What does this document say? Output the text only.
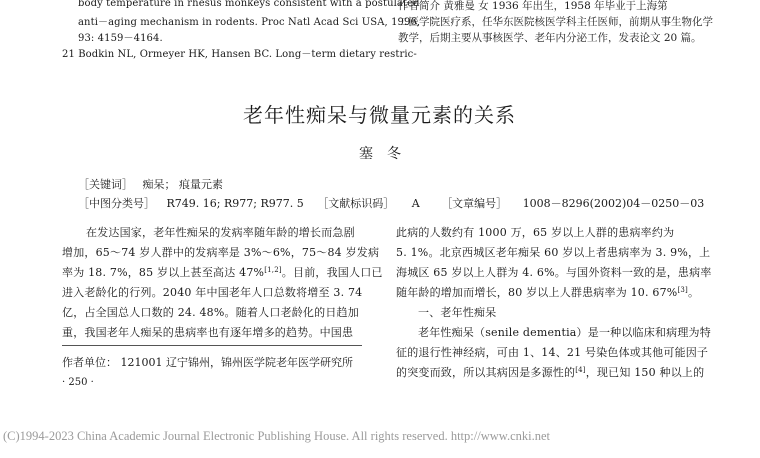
body temperature in rhesus monkeys consistent with a postulated
anti－aging mechanism in rodents. Proc Natl Acad Sci USA, 1996,
93: 4159－4164.
21 Bodkin NL, Ormeyer HK, Hansen BC. Long－term dietary restric-
作者简介 黄雅曼 女 1936 年出生，1958 年毕业于上海第
二医学院医疗系，任华东医院核医学科主任医师，前期从事生物化学
教学，后期主要从事核医学、老年内分泌工作，发表论文 20 篇。
老年性痴呆与微量元素的关系
塞冬
［关键词］ 痴呆； 痕量元素
［中图分类号］ R749. 16; R977; R977. 5 ［文献标识码］ A ［文章编号］ 1008－8296(2002)04－0250－03
在发达国家，老年性痴呆的发病率随年龄的增长而急剧
增加，65～74 岁人群中的发病率是 3%～6%，75～84 岁发病
率为 18. 7%，85 岁以上甚至高达 47%[1,2]。目前，我国人口已
进入老龄化的行列。2040 年中国老年人口总数将增至 3. 74
亿，占全国总人口数的 24. 48%。随着人口老龄化的日趋加
重，我国老年人痴呆的患病率也有逐年增多的趋势。中国患
作者单位： 121001 辽宁锦州，锦州医学院老年医学研究所
· 250 ·
此病的人数约有 1000 万，65 岁以上人群的患病率约为
5. 1%。北京西城区老年痴呆 60 岁以上者患病率为 3. 9%，上
海城区 65 岁以上人群为 4. 6%。与国外资料一致的是，患病率
随年龄的增加而增长，80 岁以上人群患病率为 10. 67%[3]。
一、老年性痴呆
老年性痴呆（senile dementia）是一种以临床和病理为特
征的退行性神经病，可由 1、14、21 号染色体或其他可能因子
的突变而致，所以其病因是多源性的[4]，现已知 150 种以上的
(C)1994-2023 China Academic Journal Electronic Publishing House. All rights reserved. http://www.cnki.net
